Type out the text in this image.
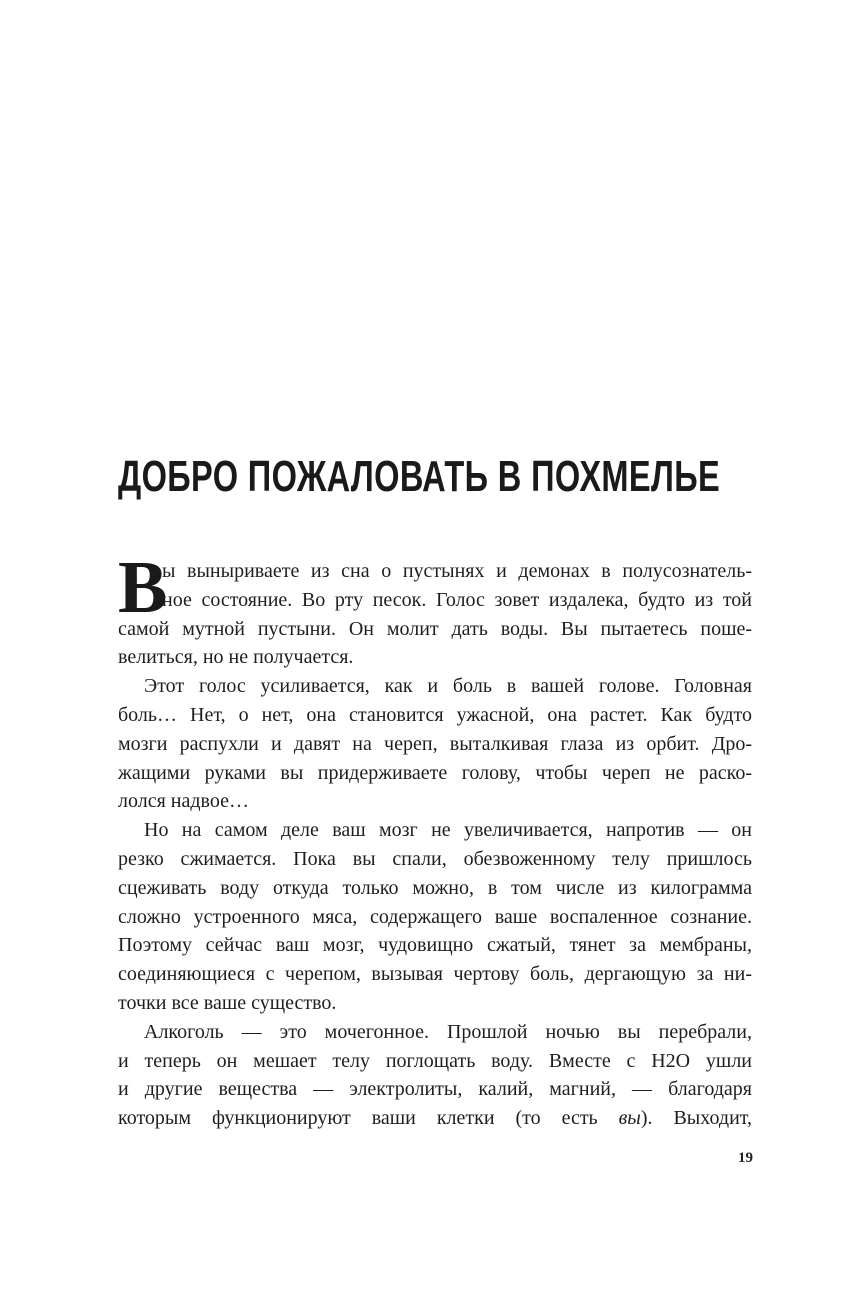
ДОБРО ПОЖАЛОВАТЬ В ПОХМЕЛЬЕ
В
ы выныриваете из сна о пустынях и демонах в полусознатель-
ное состояние. Во рту песок. Голос зовет издалека, будто из той
самой мутной пустыни. Он молит дать воды. Вы пытаетесь поше-
велиться, но не получается.
Этот голос усиливается, как и боль в вашей голове. Головная
боль… Нет, о нет, она становится ужасной, она растет. Как будто
мозги распухли и давят на череп, выталкивая глаза из орбит. Дро-
жащими руками вы придерживаете голову, чтобы череп не раско-
лолся надвое…
Но на самом деле ваш мозг не увеличивается, напротив — он
резко сжимается. Пока вы спали, обезвоженному телу пришлось
сцеживать воду откуда только можно, в том числе из килограмма
сложно устроенного мяса, содержащего ваше воспаленное сознание.
Поэтому сейчас ваш мозг, чудовищно сжатый, тянет за мембраны,
соединяющиеся с черепом, вызывая чертову боль, дергающую за ни-
точки все ваше существо.
Алкоголь — это мочегонное. Прошлой ночью вы перебрали,
и теперь он мешает телу поглощать воду. Вместе с H2O ушли
и другие вещества — электролиты, калий, магний, — благодаря
которым функционируют ваши клетки (то есть вы). Выходит,
19
